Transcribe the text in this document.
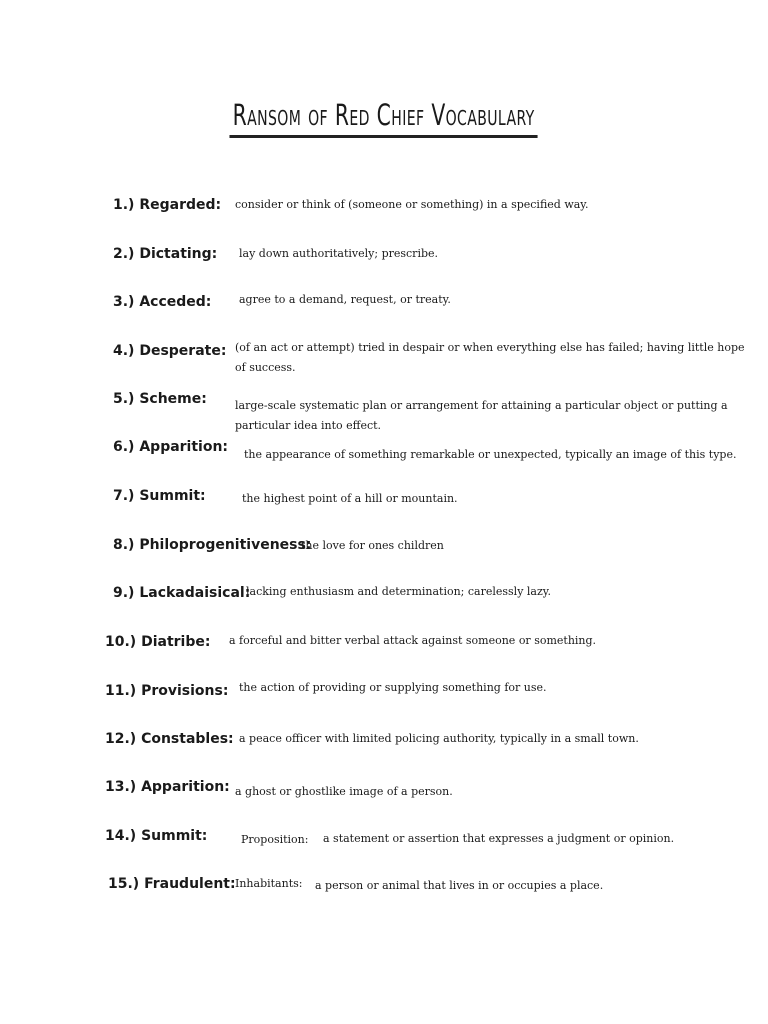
Ransom of Red Chief Vocabulary
1.) Regarded: consider or think of (someone or something) in a specified way.
2.) Dictating: lay down authoritatively; prescribe.
3.) Acceded:	agree to a demand, request, or treaty.
4.) Desperate: (of an act or attempt) tried in despair or when everything else has failed; having little hope of success.
5.) Scheme:	large-scale systematic plan or arrangement for attaining a particular object or putting a particular idea into effect.
6.) Apparition: the appearance of something remarkable or unexpected, typically an image of this type.
7.) Summit:	the highest point of a hill or mountain.
8.) Philoprogenitiveness:
the love for ones children
9.) Lackadaisical:
lacking enthusiasm and determination; carelessly lazy.
10.) Diatribe: a forceful and bitter verbal attack against someone or something.
11.) Provisions: the action of providing or supplying something for use.
12.) Constables: a peace officer with limited policing authority, typically in a small town.
13.) Apparition: a ghost or ghostlike image of a person.
14.) Summit:	Proposition: a statement or assertion that expresses a judgment or opinion.
15.) Fraudulent: Inhabitants: a person or animal that lives in or occupies a place.
